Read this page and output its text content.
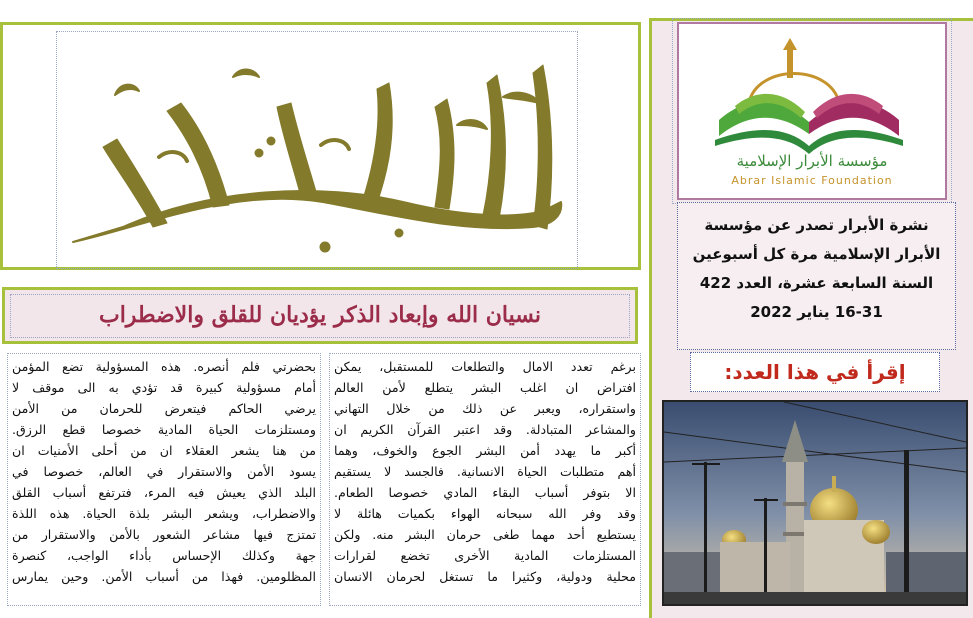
مؤسسة الأبرار الإسلامية
Abrar Islamic Foundation
نشرة الأبرار تصدر عن مؤسسة
الأبرار الإسلامية مرة كل أسبوعين
السنة السابعة عشرة، العدد 422
16-31 يناير 2022
إقرأ في هذا العدد:
نسيان الله وإبعاد الذكر يؤديان للقلق والاضطراب
برغم تعدد الامال والتطلعات للمستقبل، يمكن
افتراض ان اغلب البشر يتطلع لأمن العالم
واستقراره، ويعبر عن ذلك من خلال التهاني
والمشاعر المتبادلة. وقد اعتبر القرآن الكريم ان
أكبر ما يهدد أمن البشر الجوع والخوف، وهما
أهم متطلبات الحياة الانسانية. فالجسد لا يستقيم
الا بتوفر أسباب البقاء المادي خصوصا الطعام.
وقد وفر الله سبحانه الهواء بكميات هائلة لا
يستطيع أحد مهما طغى حرمان البشر منه. ولكن
المستلزمات المادية الأخرى تخضع لقرارات
محلية ودولية، وكثيرا ما تستغل لحرمان الانسان
بحضرتي فلم أنصره. هذه المسؤولية تضع المؤمن
أمام مسؤولية كبيرة قد تؤدي به الى موقف لا
يرضي الحاكم فيتعرض للحرمان من الأمن
ومستلزمات الحياة المادية خصوصا قطع الرزق.
من هنا يشعر العقلاء ان من أحلى الأمنيات ان
يسود الأمن والاستقرار في العالم، خصوصا في
البلد الذي يعيش فيه المرء، فترتفع أسباب القلق
والاضطراب، ويشعر البشر بلذة الحياة. هذه اللذة
تمتزج فيها مشاعر الشعور بالأمن والاستقرار من
جهة وكذلك الإحساس بأداء الواجب، كنصرة
المظلومين. فهذا من أسباب الأمن. وحين يمارس
